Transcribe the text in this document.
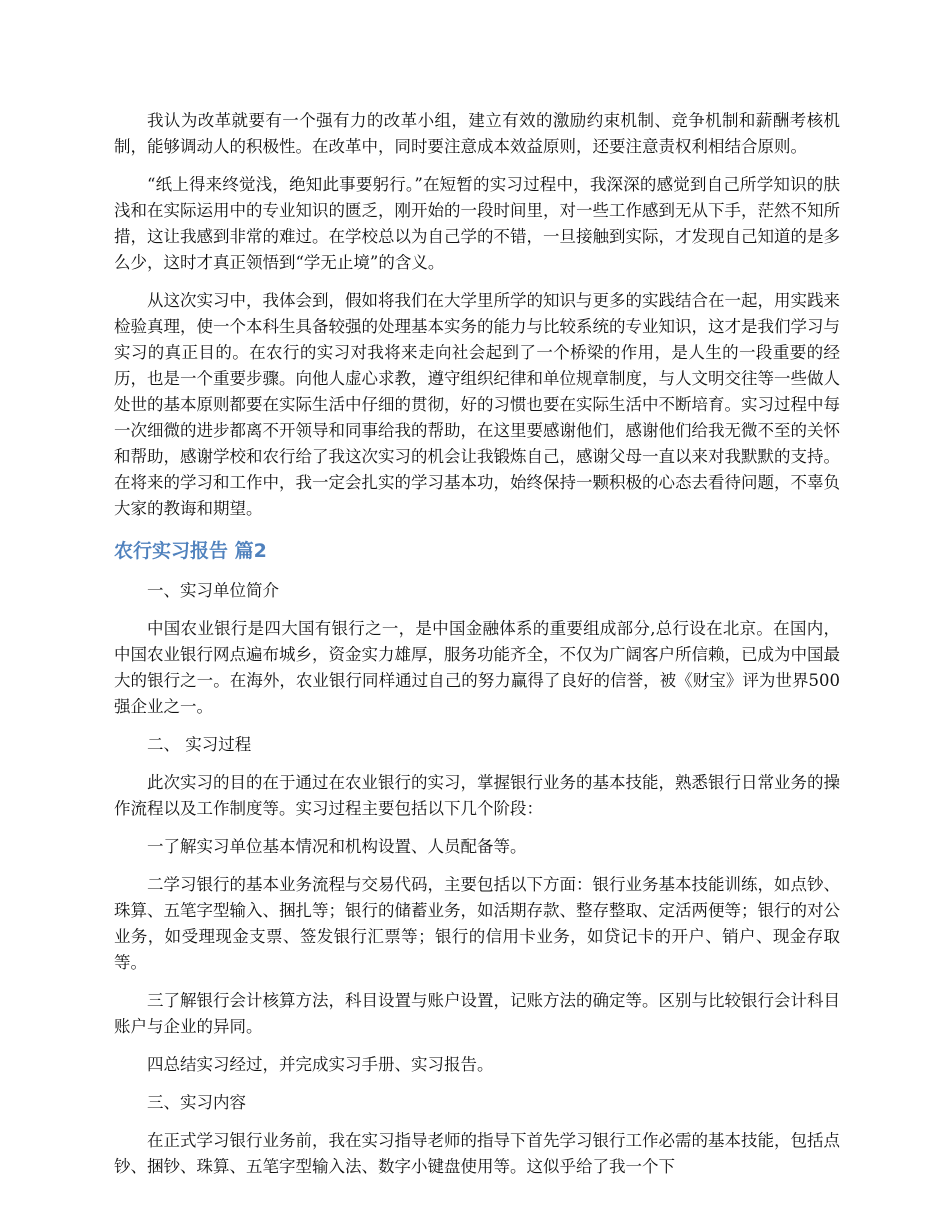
我认为改革就要有一个强有力的改革小组，建立有效的激励约束机制、竞争机制和薪酬考核机制，能够调动人的积极性。在改革中，同时要注意成本效益原则，还要注意责权利相结合原则。

“纸上得来终觉浅，绝知此事要躬行。”在短暂的实习过程中，我深深的感觉到自己所学知识的肤浅和在实际运用中的专业知识的匮乏，刚开始的一段时间里，对一些工作感到无从下手，茫然不知所措，这让我感到非常的难过。在学校总以为自己学的不错，一旦接触到实际，才发现自己知道的是多么少，这时才真正领悟到“学无止境”的含义。

从这次实习中，我体会到，假如将我们在大学里所学的知识与更多的实践结合在一起，用实践来检验真理，使一个本科生具备较强的处理基本实务的能力与比较系统的专业知识，这才是我们学习与实习的真正目的。在农行的实习对我将来走向社会起到了一个桥梁的作用，是人生的一段重要的经历，也是一个重要步骤。向他人虚心求教，遵守组织纪律和单位规章制度，与人文明交往等一些做人处世的基本原则都要在实际生活中仔细的贯彻，好的习惯也要在实际生活中不断培育。实习过程中每一次细微的进步都离不开领导和同事给我的帮助，在这里要感谢他们，感谢他们给我无微不至的关怀和帮助，感谢学校和农行给了我这次实习的机会让我锻炼自己，感谢父母一直以来对我默默的支持。在将来的学习和工作中，我一定会扎实的学习基本功，始终保持一颗积极的心态去看待问题，不辜负大家的教诲和期望。

农行实习报告 篇2

一、实习单位简介

中国农业银行是四大国有银行之一，是中国金融体系的重要组成部分,总行设在北京。在国内，中国农业银行网点遍布城乡，资金实力雄厚，服务功能齐全，不仅为广阔客户所信赖，已成为中国最大的银行之一。在海外，农业银行同样通过自己的努力赢得了良好的信誉，被《财宝》评为世界500强企业之一。

二、 实习过程

此次实习的目的在于通过在农业银行的实习，掌握银行业务的基本技能，熟悉银行日常业务的操作流程以及工作制度等。实习过程主要包括以下几个阶段：

一了解实习单位基本情况和机构设置、人员配备等。

二学习银行的基本业务流程与交易代码，主要包括以下方面：银行业务基本技能训练，如点钞、珠算、五笔字型输入、捆扎等；银行的储蓄业务，如活期存款、整存整取、定活两便等；银行的对公业务，如受理现金支票、签发银行汇票等；银行的信用卡业务，如贷记卡的开户、销户、现金存取等。

三了解银行会计核算方法，科目设置与账户设置，记账方法的确定等。区别与比较银行会计科目账户与企业的异同。

四总结实习经过，并完成实习手册、实习报告。

三、实习内容

在正式学习银行业务前，我在实习指导老师的指导下首先学习银行工作必需的基本技能，包括点钞、捆钞、珠算、五笔字型输入法、数字小键盘使用等。这似乎给了我一个下
